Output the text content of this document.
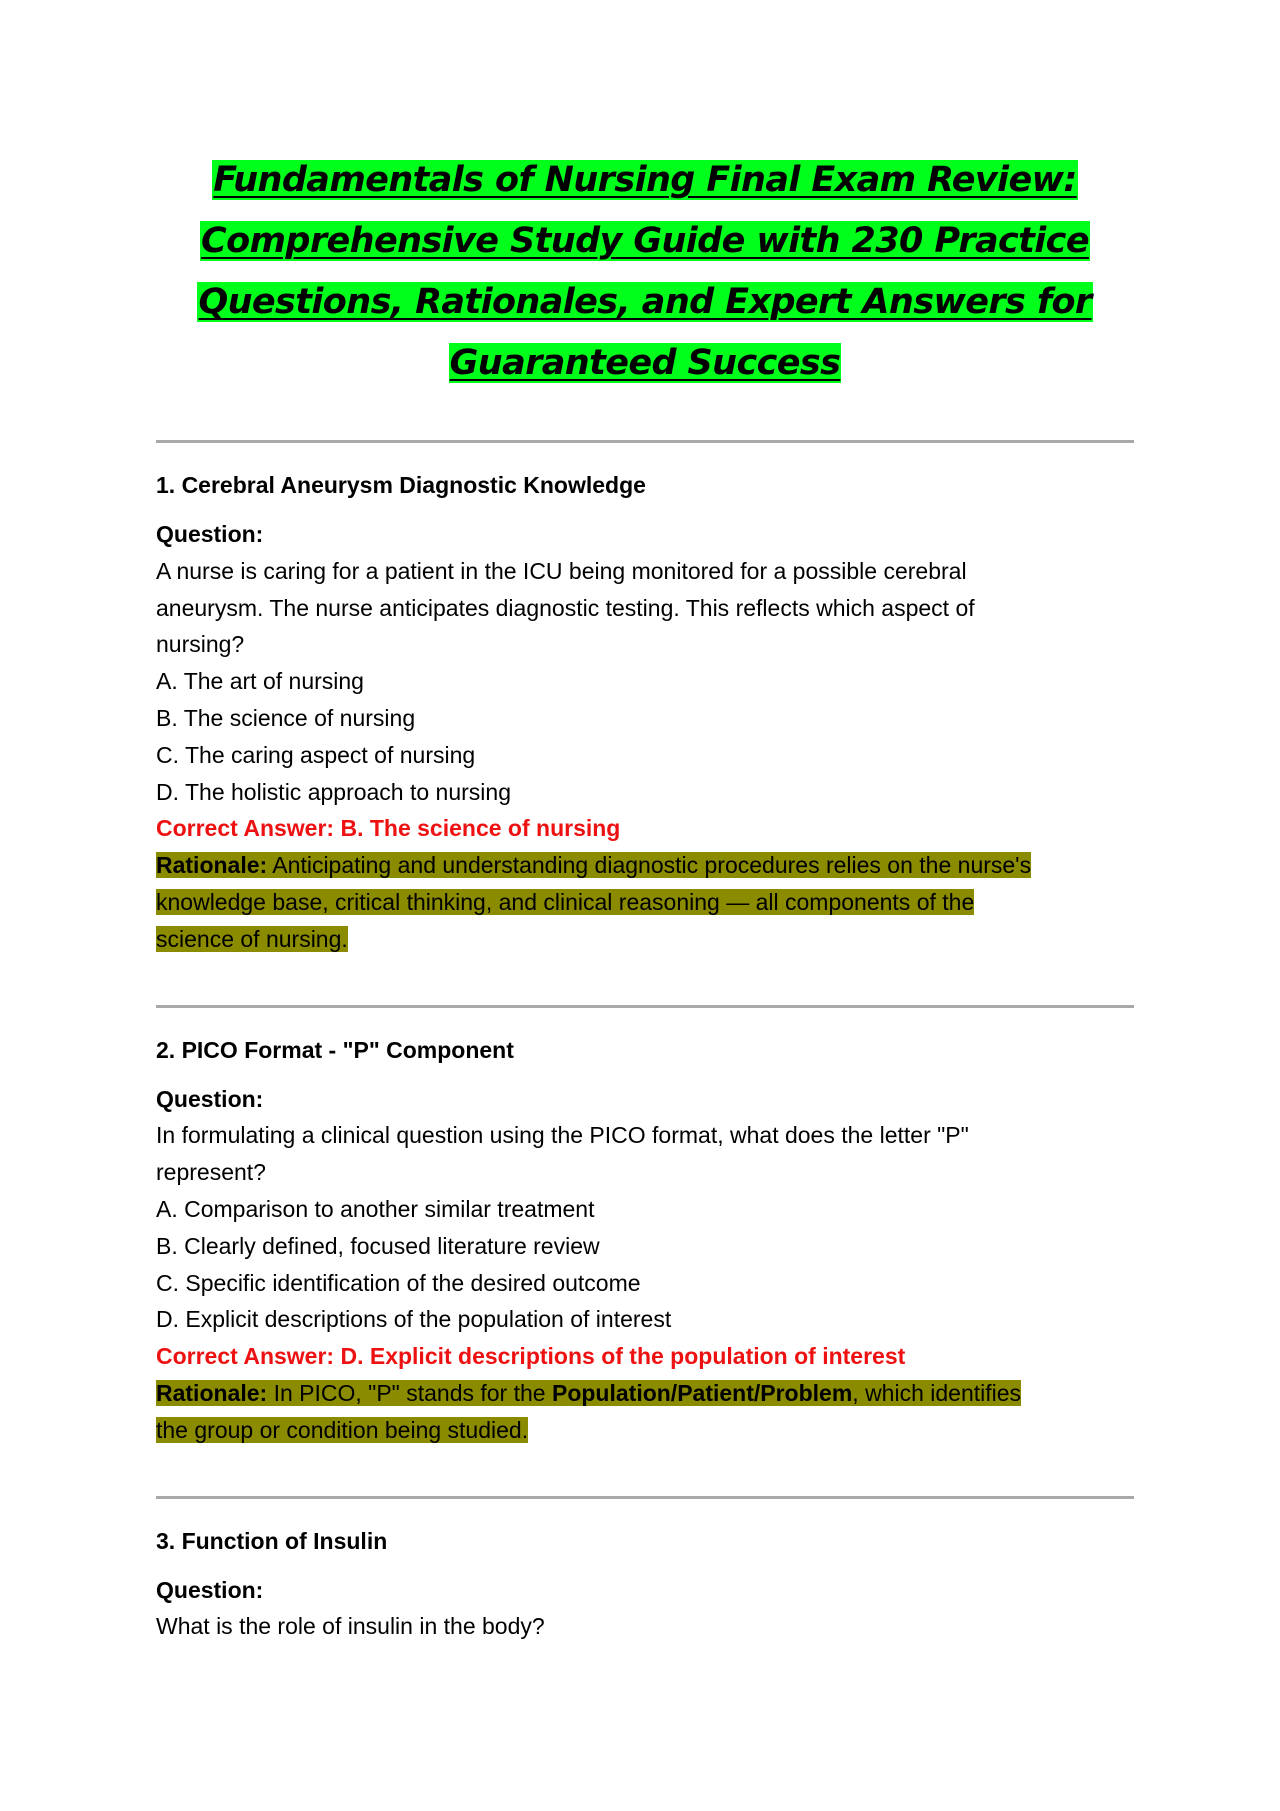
Fundamentals of Nursing Final Exam Review:
Comprehensive Study Guide with 230 Practice
Questions, Rationales, and Expert Answers for
Guaranteed Success
1. Cerebral Aneurysm Diagnostic Knowledge
Question:
A nurse is caring for a patient in the ICU being monitored for a possible cerebral
aneurysm. The nurse anticipates diagnostic testing. This reflects which aspect of
nursing?
A. The art of nursing
B. The science of nursing
C. The caring aspect of nursing
D. The holistic approach to nursing
Correct Answer: B. The science of nursing
Rationale: Anticipating and understanding diagnostic procedures relies on the nurse's
knowledge base, critical thinking, and clinical reasoning — all components of the
science of nursing.
2. PICO Format - "P" Component
Question:
In formulating a clinical question using the PICO format, what does the letter "P"
represent?
A. Comparison to another similar treatment
B. Clearly defined, focused literature review
C. Specific identification of the desired outcome
D. Explicit descriptions of the population of interest
Correct Answer: D. Explicit descriptions of the population of interest
Rationale: In PICO, "P" stands for the Population/Patient/Problem, which identifies
the group or condition being studied.
3. Function of Insulin
Question:
What is the role of insulin in the body?
